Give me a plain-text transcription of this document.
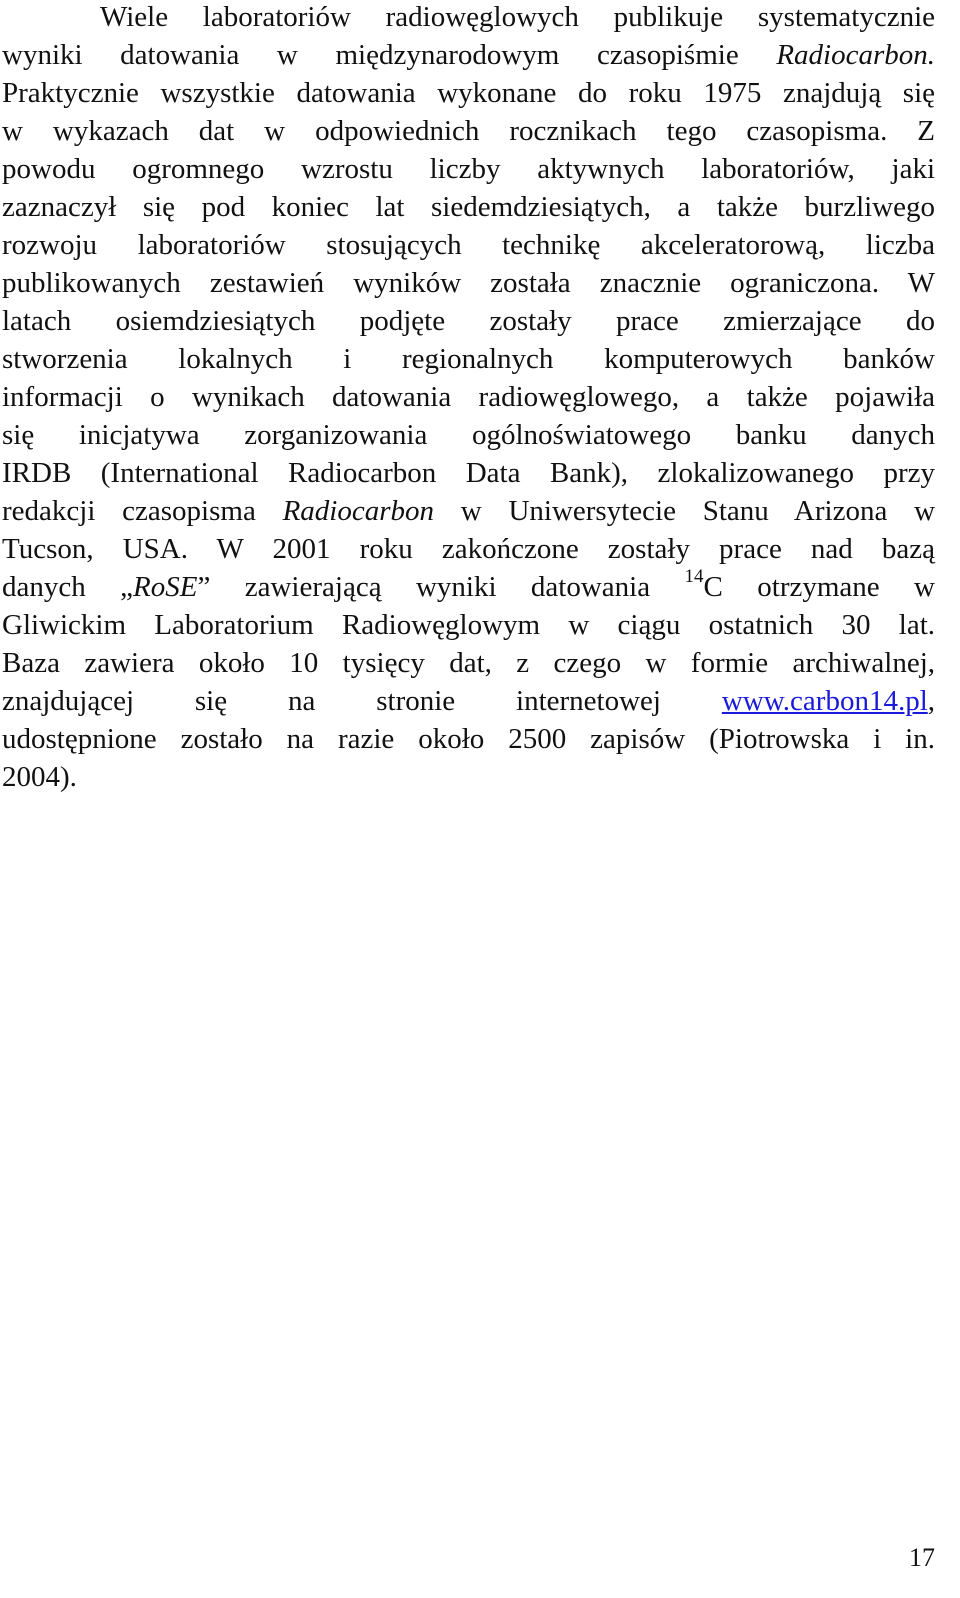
Wiele laboratoriów radiowęglowych publikuje systematycznie
wyniki datowania w międzynarodowym czasopiśmie Radiocarbon.
Praktycznie wszystkie datowania wykonane do roku 1975 znajdują się
w wykazach dat w odpowiednich rocznikach tego czasopisma. Z
powodu ogromnego wzrostu liczby aktywnych laboratoriów, jaki
zaznaczył się pod koniec lat siedemdziesiątych, a także burzliwego
rozwoju laboratoriów stosujących technikę akceleratorową, liczba
publikowanych zestawień wyników została znacznie ograniczona. W
latach osiemdziesiątych podjęte zostały prace zmierzające do
stworzenia lokalnych i regionalnych komputerowych banków
informacji o wynikach datowania radiowęglowego, a także pojawiła
się inicjatywa zorganizowania ogólnoświatowego banku danych
IRDB (International Radiocarbon Data Bank), zlokalizowanego przy
redakcji czasopisma Radiocarbon w Uniwersytecie Stanu Arizona w
Tucson, USA. W 2001 roku zakończone zostały prace nad bazą
danych „RoSE” zawierającą wyniki datowania $^{14}$C otrzymane w
Gliwickim Laboratorium Radiowęglowym w ciągu ostatnich 30 lat.
Baza zawiera około 10 tysięcy dat, z czego w formie archiwalnej,
znajdującej się na stronie internetowej www.carbon14.pl,
udostępnione zostało na razie około 2500 zapisów (Piotrowska i in.
2004).
17
